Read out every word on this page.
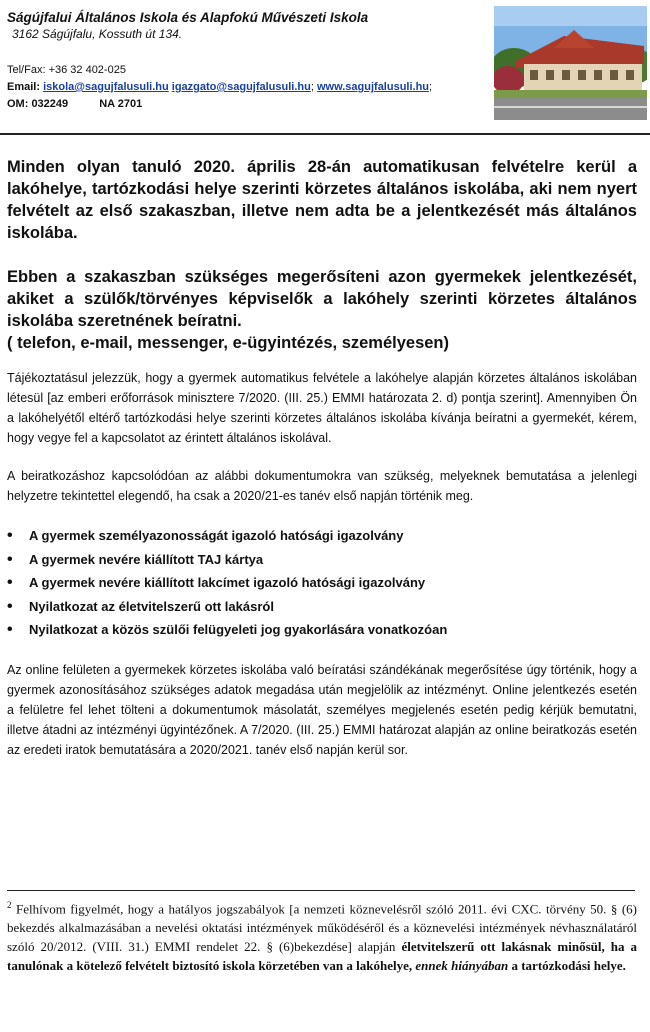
Ságújfalui Általános Iskola és Alapfokú Művészeti Iskola
3162 Ságújfalu, Kossuth út 134.
Tel/Fax: +36 32 402-025
Email: iskola@sagujfalusuli.hu igazgato@sagujfalusuli.hu; www.sagujfalusuli.hu;
OM: 032249	NA 2701

Minden olyan tanuló 2020. április 28-án automatikusan felvételre kerül a lakóhelye, tartózkodási helye szerinti körzetes általános iskolába, aki nem nyert felvételt az első szakaszban, illetve nem adta be a jelentkezését más általános iskolába.

Ebben a szakaszban szükséges megerősíteni azon gyermekek jelentkezését, akiket a szülők/törvényes képviselők a lakóhely szerinti körzetes általános iskolába szeretnének beíratni.
( telefon, e-mail, messenger, e-ügyintézés, személyesen)

Tájékoztatásul jelezzük, hogy a gyermek automatikus felvétele a lakóhelye alapján körzetes általános iskolában létesül [az emberi erőforrások minisztere 7/2020. (III. 25.) EMMI határozata 2. d) pontja szerint]. Amennyiben Ön a lakóhelyétől eltérő tartózkodási helye szerinti körzetes általános iskolába kívánja beíratni a gyermekét, kérem, hogy vegye fel a kapcsolatot az érintett általános iskolával.

A beiratkozáshoz kapcsolódóan az alábbi dokumentumokra van szükség, melyeknek bemutatása a jelenlegi helyzetre tekintettel elegendő, ha csak a 2020/21-es tanév első napján történik meg.

• A gyermek személyazonosságát igazoló hatósági igazolvány
• A gyermek nevére kiállított TAJ kártya
• A gyermek nevére kiállított lakcímet igazoló hatósági igazolvány
• Nyilatkozat az életvitelszerű ott lakásról
• Nyilatkozat a közös szülői felügyeleti jog gyakorlására vonatkozóan

Az online felületen a gyermekek körzetes iskolába való beíratási szándékának megerősítése úgy történik, hogy a gyermek azonosításához szükséges adatok megadása után megjelölik az intézményt. Online jelentkezés esetén a felületre fel lehet tölteni a dokumentumok másolatát, személyes megjelenés esetén pedig kérjük bemutatni, illetve átadni az intézményi ügyintézőnek. A 7/2020. (III. 25.) EMMI határozat alapján az online beiratkozás esetén az eredeti iratok bemutatására a 2020/2021. tanév első napján kerül sor.

$^2$ Felhívom figyelmét, hogy a hatályos jogszabályok [a nemzeti köznevelésről szóló 2011. évi CXC. törvény 50. § (6) bekezdés alkalmazásában a nevelési oktatási intézmények működéséről és a köznevelési intézmények névhasználatáról szóló 20/2012. (VIII. 31.) EMMI rendelet 22. § (6)bekezdése] alapján életvitelszerű ott lakásnak minősül, ha a tanulónak a kötelező felvételt biztosító iskola körzetében van a lakóhelye, ennek hiányában a tartózkodási helye.
